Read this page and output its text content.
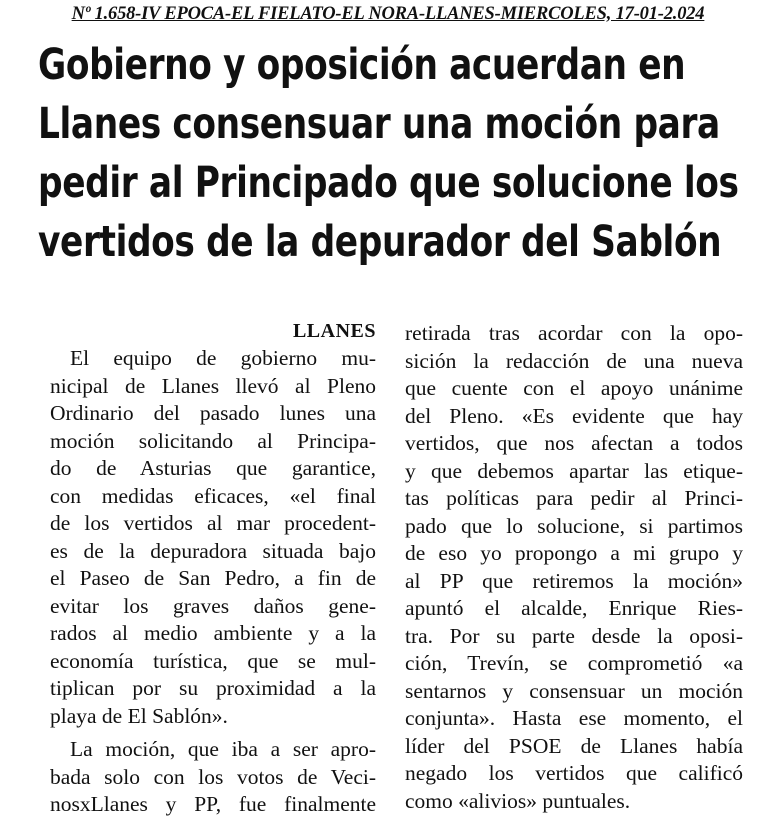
Nº 1.658-IV EPOCA-EL FIELATO-EL NORA-LLANES-MIERCOLES, 17-01-2.024
Gobierno y oposición acuerdan en
Llanes consensuar una moción para
pedir al Principado que solucione los
vertidos de la depurador del Sablón
LLANES
El equipo de gobierno mu-
nicipal de Llanes llevó al Pleno
Ordinario del pasado lunes una
moción solicitando al Principa-
do de Asturias que garantice,
con medidas eficaces, «el final
de los vertidos al mar procedent-
es de la depuradora situada bajo
el Paseo de San Pedro, a fin de
evitar los graves daños gene-
rados al medio ambiente y a la
economía turística, que se mul-
tiplican por su proximidad a la
playa de El Sablón».
La moción, que iba a ser apro-
bada solo con los votos de Veci-
nosxLlanes y PP, fue finalmente
retirada tras acordar con la opo-
sición la redacción de una nueva
que cuente con el apoyo unánime
del Pleno. «Es evidente que hay
vertidos, que nos afectan a todos
y que debemos apartar las etique-
tas políticas para pedir al Princi-
pado que lo solucione, si partimos
de eso yo propongo a mi grupo y
al PP que retiremos la moción»
apuntó el alcalde, Enrique Ries-
tra. Por su parte desde la oposi-
ción, Trevín, se comprometió «a
sentarnos y consensuar un moción
conjunta». Hasta ese momento, el
líder del PSOE de Llanes había
negado los vertidos que calificó
como «alivios» puntuales.
